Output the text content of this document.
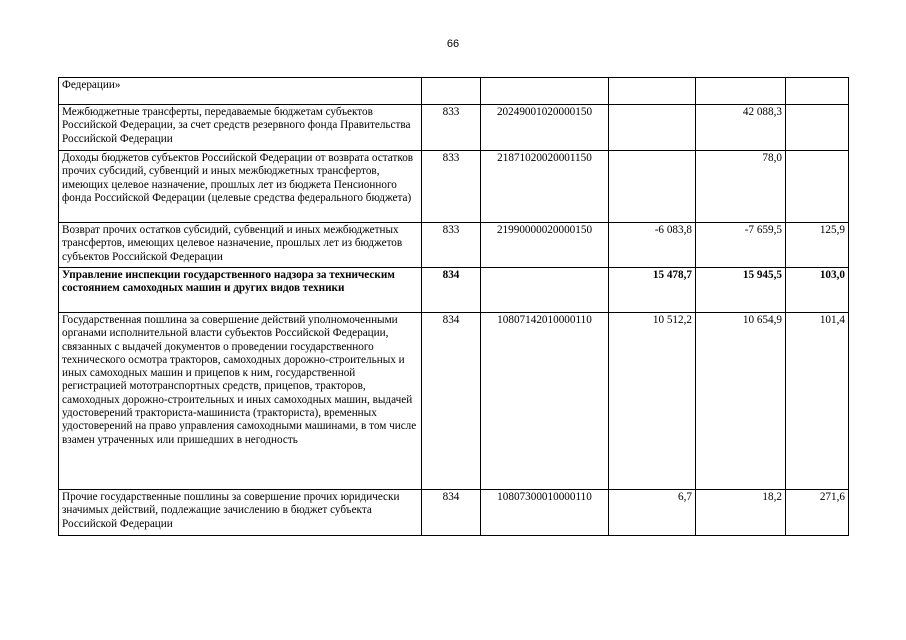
66
Федерации»					
Межбюджетные трансферты, передаваемые бюджетам субъектов Российской Федерации, за счет средств резервного фонда Правительства Российской Федерации	833	20249001020000150		42 088,3	
Доходы бюджетов субъектов Российской Федерации от возврата остатков прочих субсидий, субвенций и иных межбюджетных трансфертов, имеющих целевое назначение, прошлых лет из бюджета Пенсионного фонда Российской Федерации (целевые средства федерального бюджета)	833	21871020020001150		78,0	
Возврат прочих остатков субсидий, субвенций и иных межбюджетных трансфертов, имеющих целевое назначение, прошлых лет из бюджетов субъектов Российской Федерации	833	21990000020000150	-6 083,8	-7 659,5	125,9
Управление инспекции государственного надзора за техническим состоянием самоходных машин и других видов техники	834		15 478,7	15 945,5	103,0
Государственная пошлина за совершение действий уполномоченными органами исполнительной власти субъектов Российской Федерации, связанных с выдачей документов о проведении государственного технического осмотра тракторов, самоходных дорожно-строительных и иных самоходных машин и прицепов к ним, государственной регистрацией мототранспортных средств, прицепов, тракторов, самоходных дорожно-строительных и иных самоходных машин, выдачей удостоверений тракториста-машиниста (тракториста), временных удостоверений на право управления самоходными машинами, в том числе взамен утраченных или пришедших в негодность	834	10807142010000110	10 512,2	10 654,9	101,4
Прочие государственные пошлины за совершение прочих юридически значимых действий, подлежащие зачислению в бюджет субъекта Российской Федерации	834	10807300010000110	6,7	18,2	271,6
